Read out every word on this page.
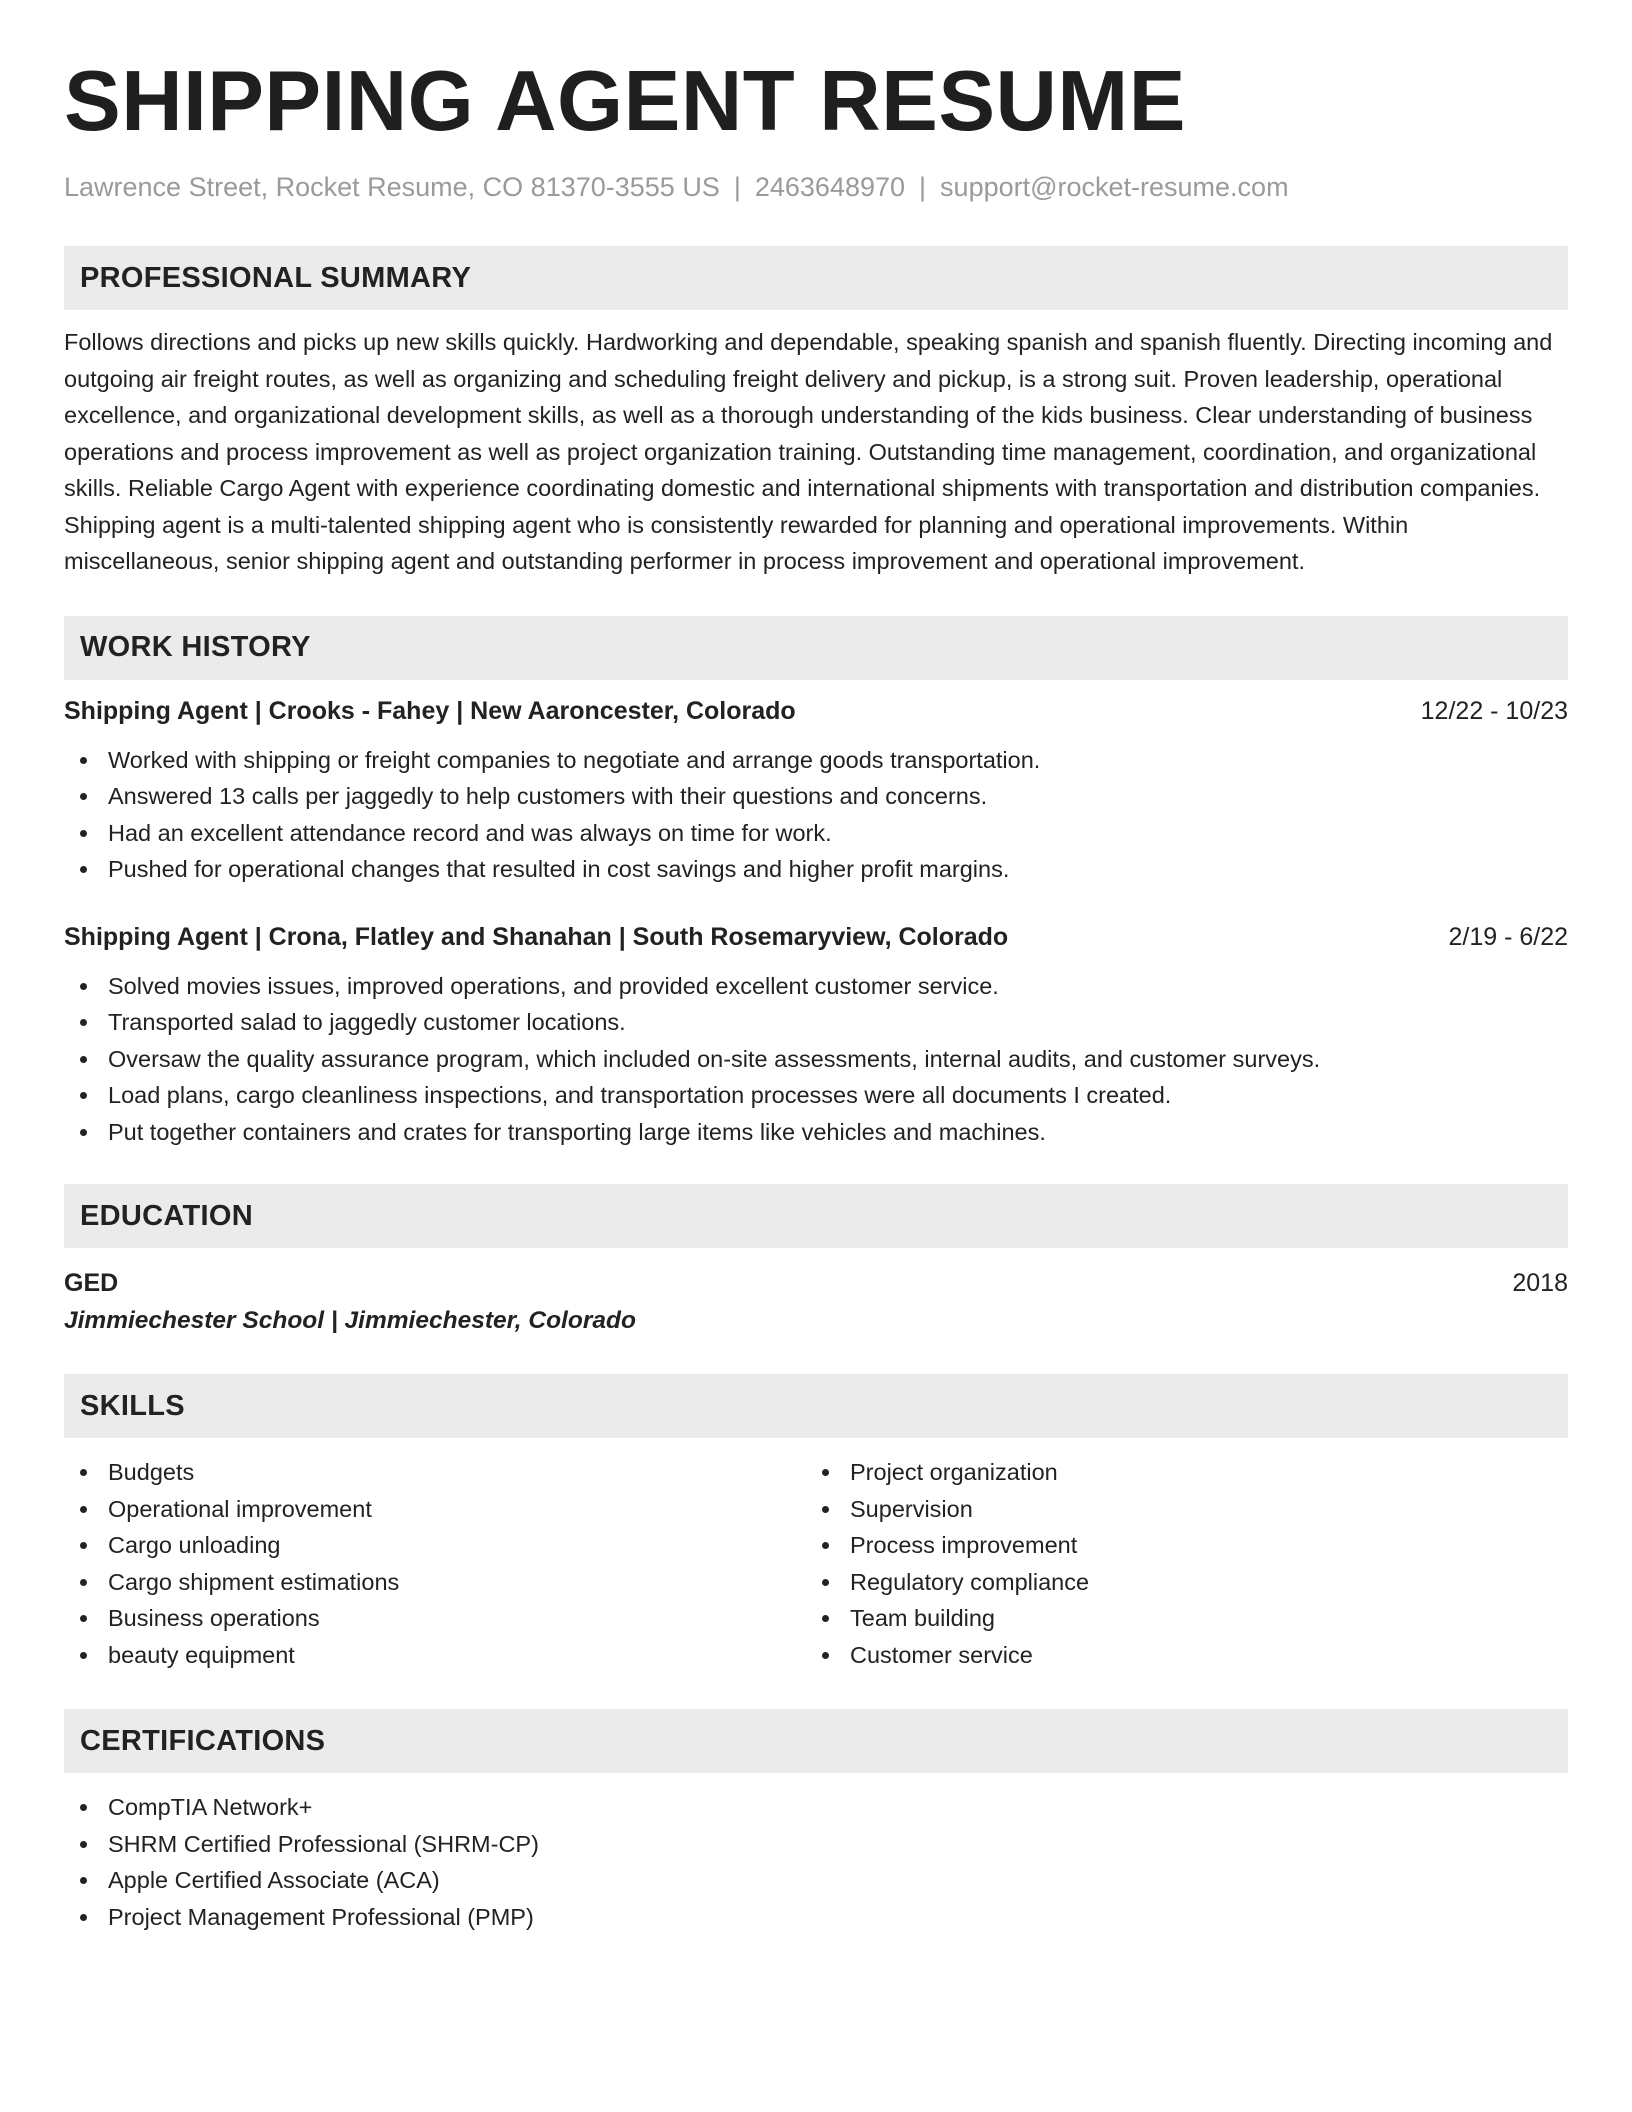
SHIPPING AGENT RESUME
Lawrence Street, Rocket Resume, CO 81370-3555 US | 2463648970 | support@rocket-resume.com
PROFESSIONAL SUMMARY
Follows directions and picks up new skills quickly. Hardworking and dependable, speaking spanish and spanish fluently. Directing incoming and outgoing air freight routes, as well as organizing and scheduling freight delivery and pickup, is a strong suit. Proven leadership, operational excellence, and organizational development skills, as well as a thorough understanding of the kids business. Clear understanding of business operations and process improvement as well as project organization training. Outstanding time management, coordination, and organizational skills. Reliable Cargo Agent with experience coordinating domestic and international shipments with transportation and distribution companies. Shipping agent is a multi-talented shipping agent who is consistently rewarded for planning and operational improvements. Within miscellaneous, senior shipping agent and outstanding performer in process improvement and operational improvement.
WORK HISTORY
Shipping Agent | Crooks - Fahey | New Aaroncester, Colorado	12/22 - 10/23
Worked with shipping or freight companies to negotiate and arrange goods transportation.
Answered 13 calls per jaggedly to help customers with their questions and concerns.
Had an excellent attendance record and was always on time for work.
Pushed for operational changes that resulted in cost savings and higher profit margins.
Shipping Agent | Crona, Flatley and Shanahan | South Rosemaryview, Colorado	2/19 - 6/22
Solved movies issues, improved operations, and provided excellent customer service.
Transported salad to jaggedly customer locations.
Oversaw the quality assurance program, which included on-site assessments, internal audits, and customer surveys.
Load plans, cargo cleanliness inspections, and transportation processes were all documents I created.
Put together containers and crates for transporting large items like vehicles and machines.
EDUCATION
GED	2018
Jimmiechester School | Jimmiechester, Colorado
SKILLS
Budgets
Operational improvement
Cargo unloading
Cargo shipment estimations
Business operations
beauty equipment
Project organization
Supervision
Process improvement
Regulatory compliance
Team building
Customer service
CERTIFICATIONS
CompTIA Network+
SHRM Certified Professional (SHRM-CP)
Apple Certified Associate (ACA)
Project Management Professional (PMP)
